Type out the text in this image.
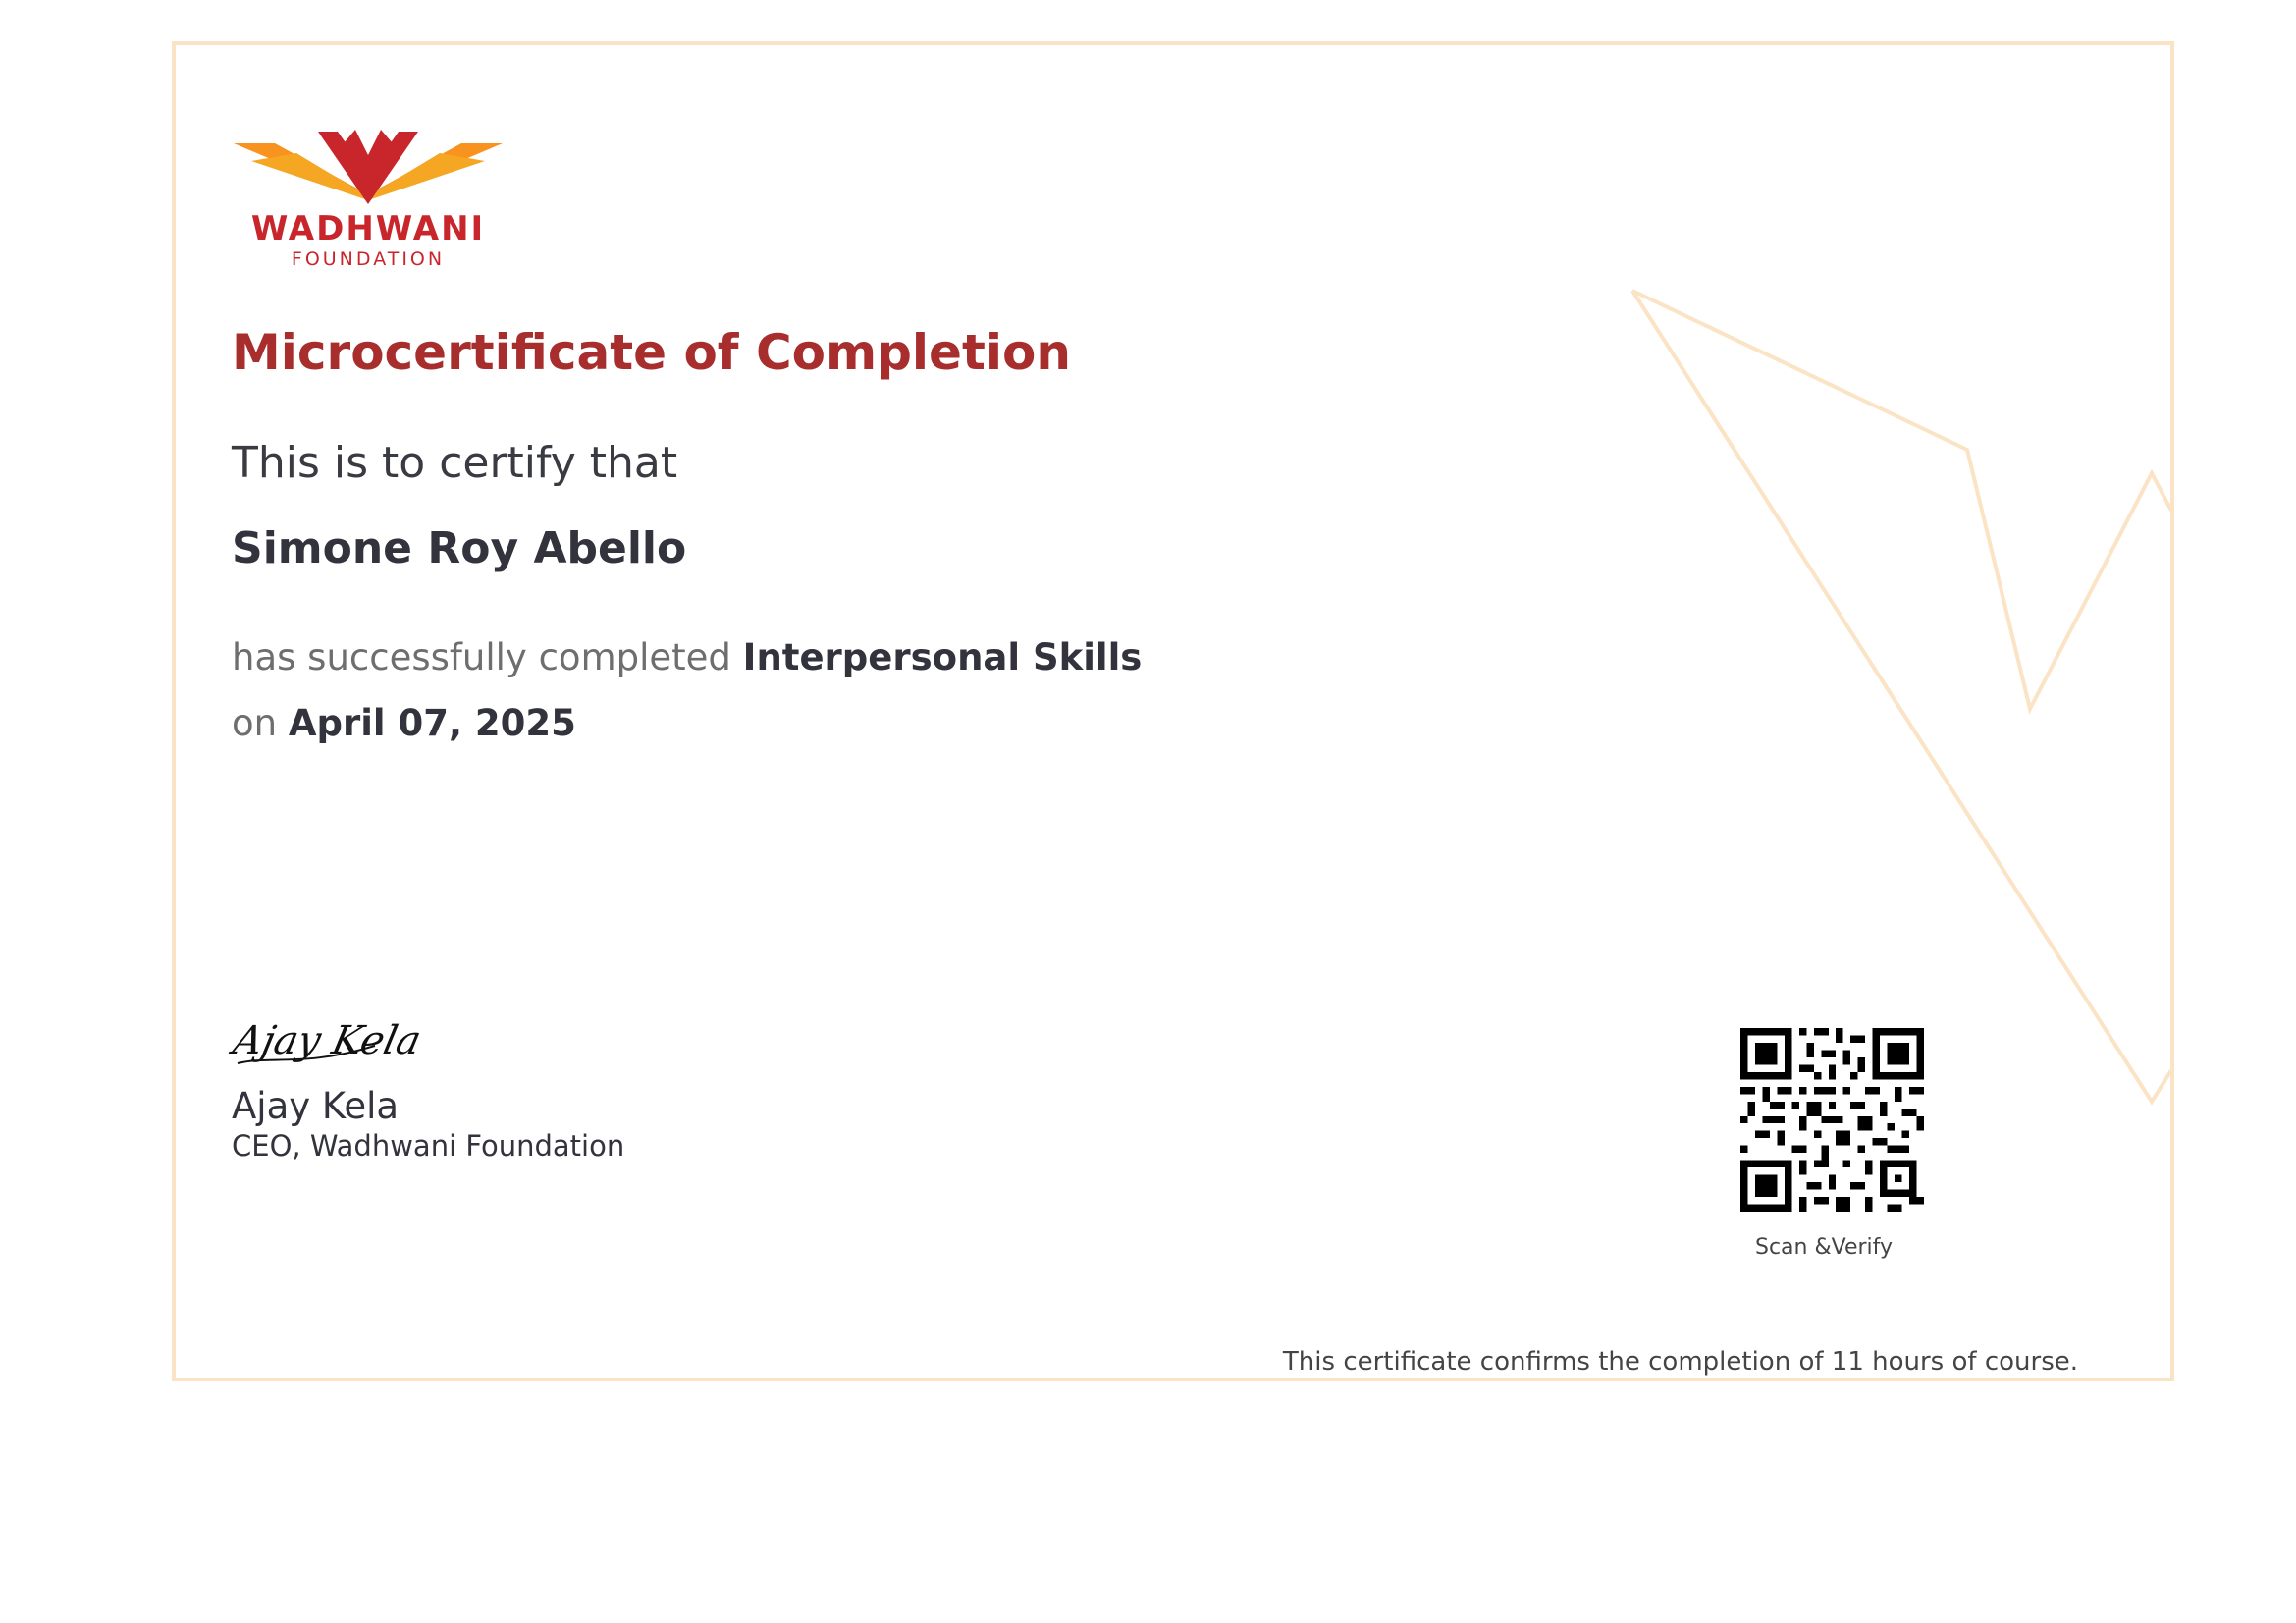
WADHWANI
FOUNDATION
Microcertificate of Completion
This is to certify that
Simone Roy Abello
has successfully completed Interpersonal Skills
on April 07, 2025
Ajay Kela
Ajay Kela
CEO, Wadhwani Foundation
Scan &Verify
This certificate confirms the completion of 11 hours of course.
